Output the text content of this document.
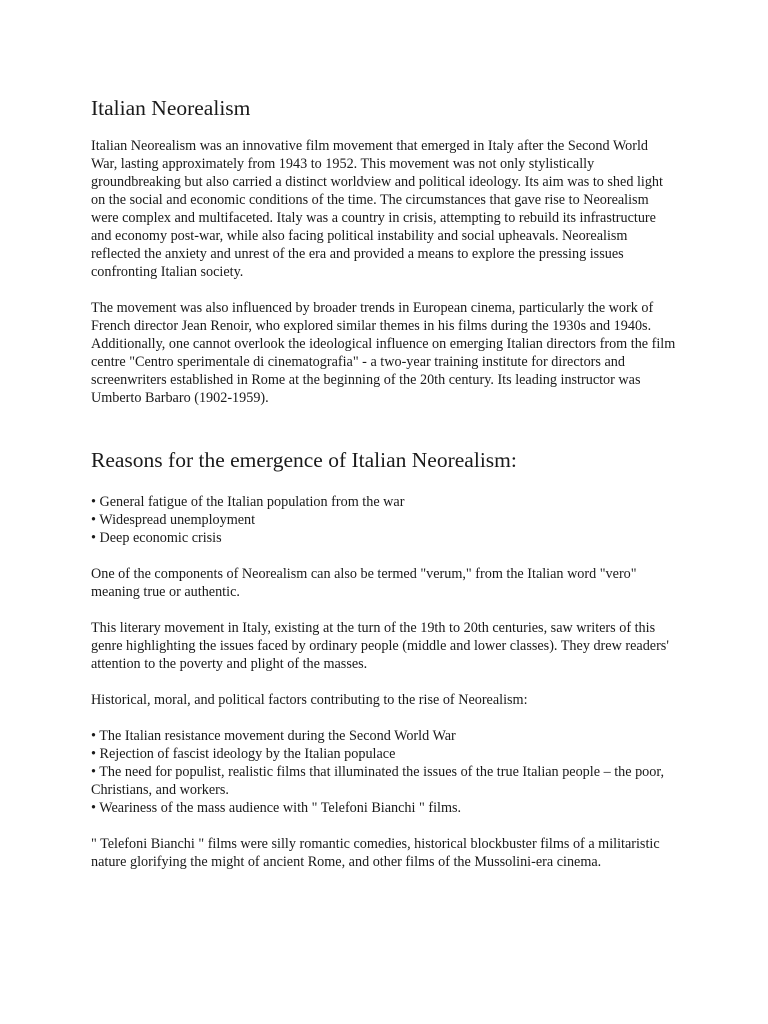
Italian Neorealism

Italian Neorealism was an innovative film movement that emerged in Italy after the Second World War, lasting approximately from 1943 to 1952. This movement was not only stylistically groundbreaking but also carried a distinct worldview and political ideology. Its aim was to shed light on the social and economic conditions of the time. The circumstances that gave rise to Neorealism were complex and multifaceted. Italy was a country in crisis, attempting to rebuild its infrastructure and economy post-war, while also facing political instability and social upheavals. Neorealism reflected the anxiety and unrest of the era and provided a means to explore the pressing issues confronting Italian society.

The movement was also influenced by broader trends in European cinema, particularly the work of French director Jean Renoir, who explored similar themes in his films during the 1930s and 1940s. Additionally, one cannot overlook the ideological influence on emerging Italian directors from the film centre "Centro sperimentale di cinematografia" - a two-year training institute for directors and screenwriters established in Rome at the beginning of the 20th century. Its leading instructor was Umberto Barbaro (1902-1959).

Reasons for the emergence of Italian Neorealism:
• General fatigue of the Italian population from the war
• Widespread unemployment
• Deep economic crisis

One of the components of Neorealism can also be termed "verum," from the Italian word "vero" meaning true or authentic.

This literary movement in Italy, existing at the turn of the 19th to 20th centuries, saw writers of this genre highlighting the issues faced by ordinary people (middle and lower classes). They drew readers' attention to the poverty and plight of the masses.

Historical, moral, and political factors contributing to the rise of Neorealism:

• The Italian resistance movement during the Second World War
• Rejection of fascist ideology by the Italian populace
• The need for populist, realistic films that illuminated the issues of the true Italian people – the poor, Christians, and workers.
• Weariness of the mass audience with " Telefoni Bianchi " films.

" Telefoni Bianchi " films were silly romantic comedies, historical blockbuster films of a militaristic nature glorifying the might of ancient Rome, and other films of the Mussolini-era cinema.
